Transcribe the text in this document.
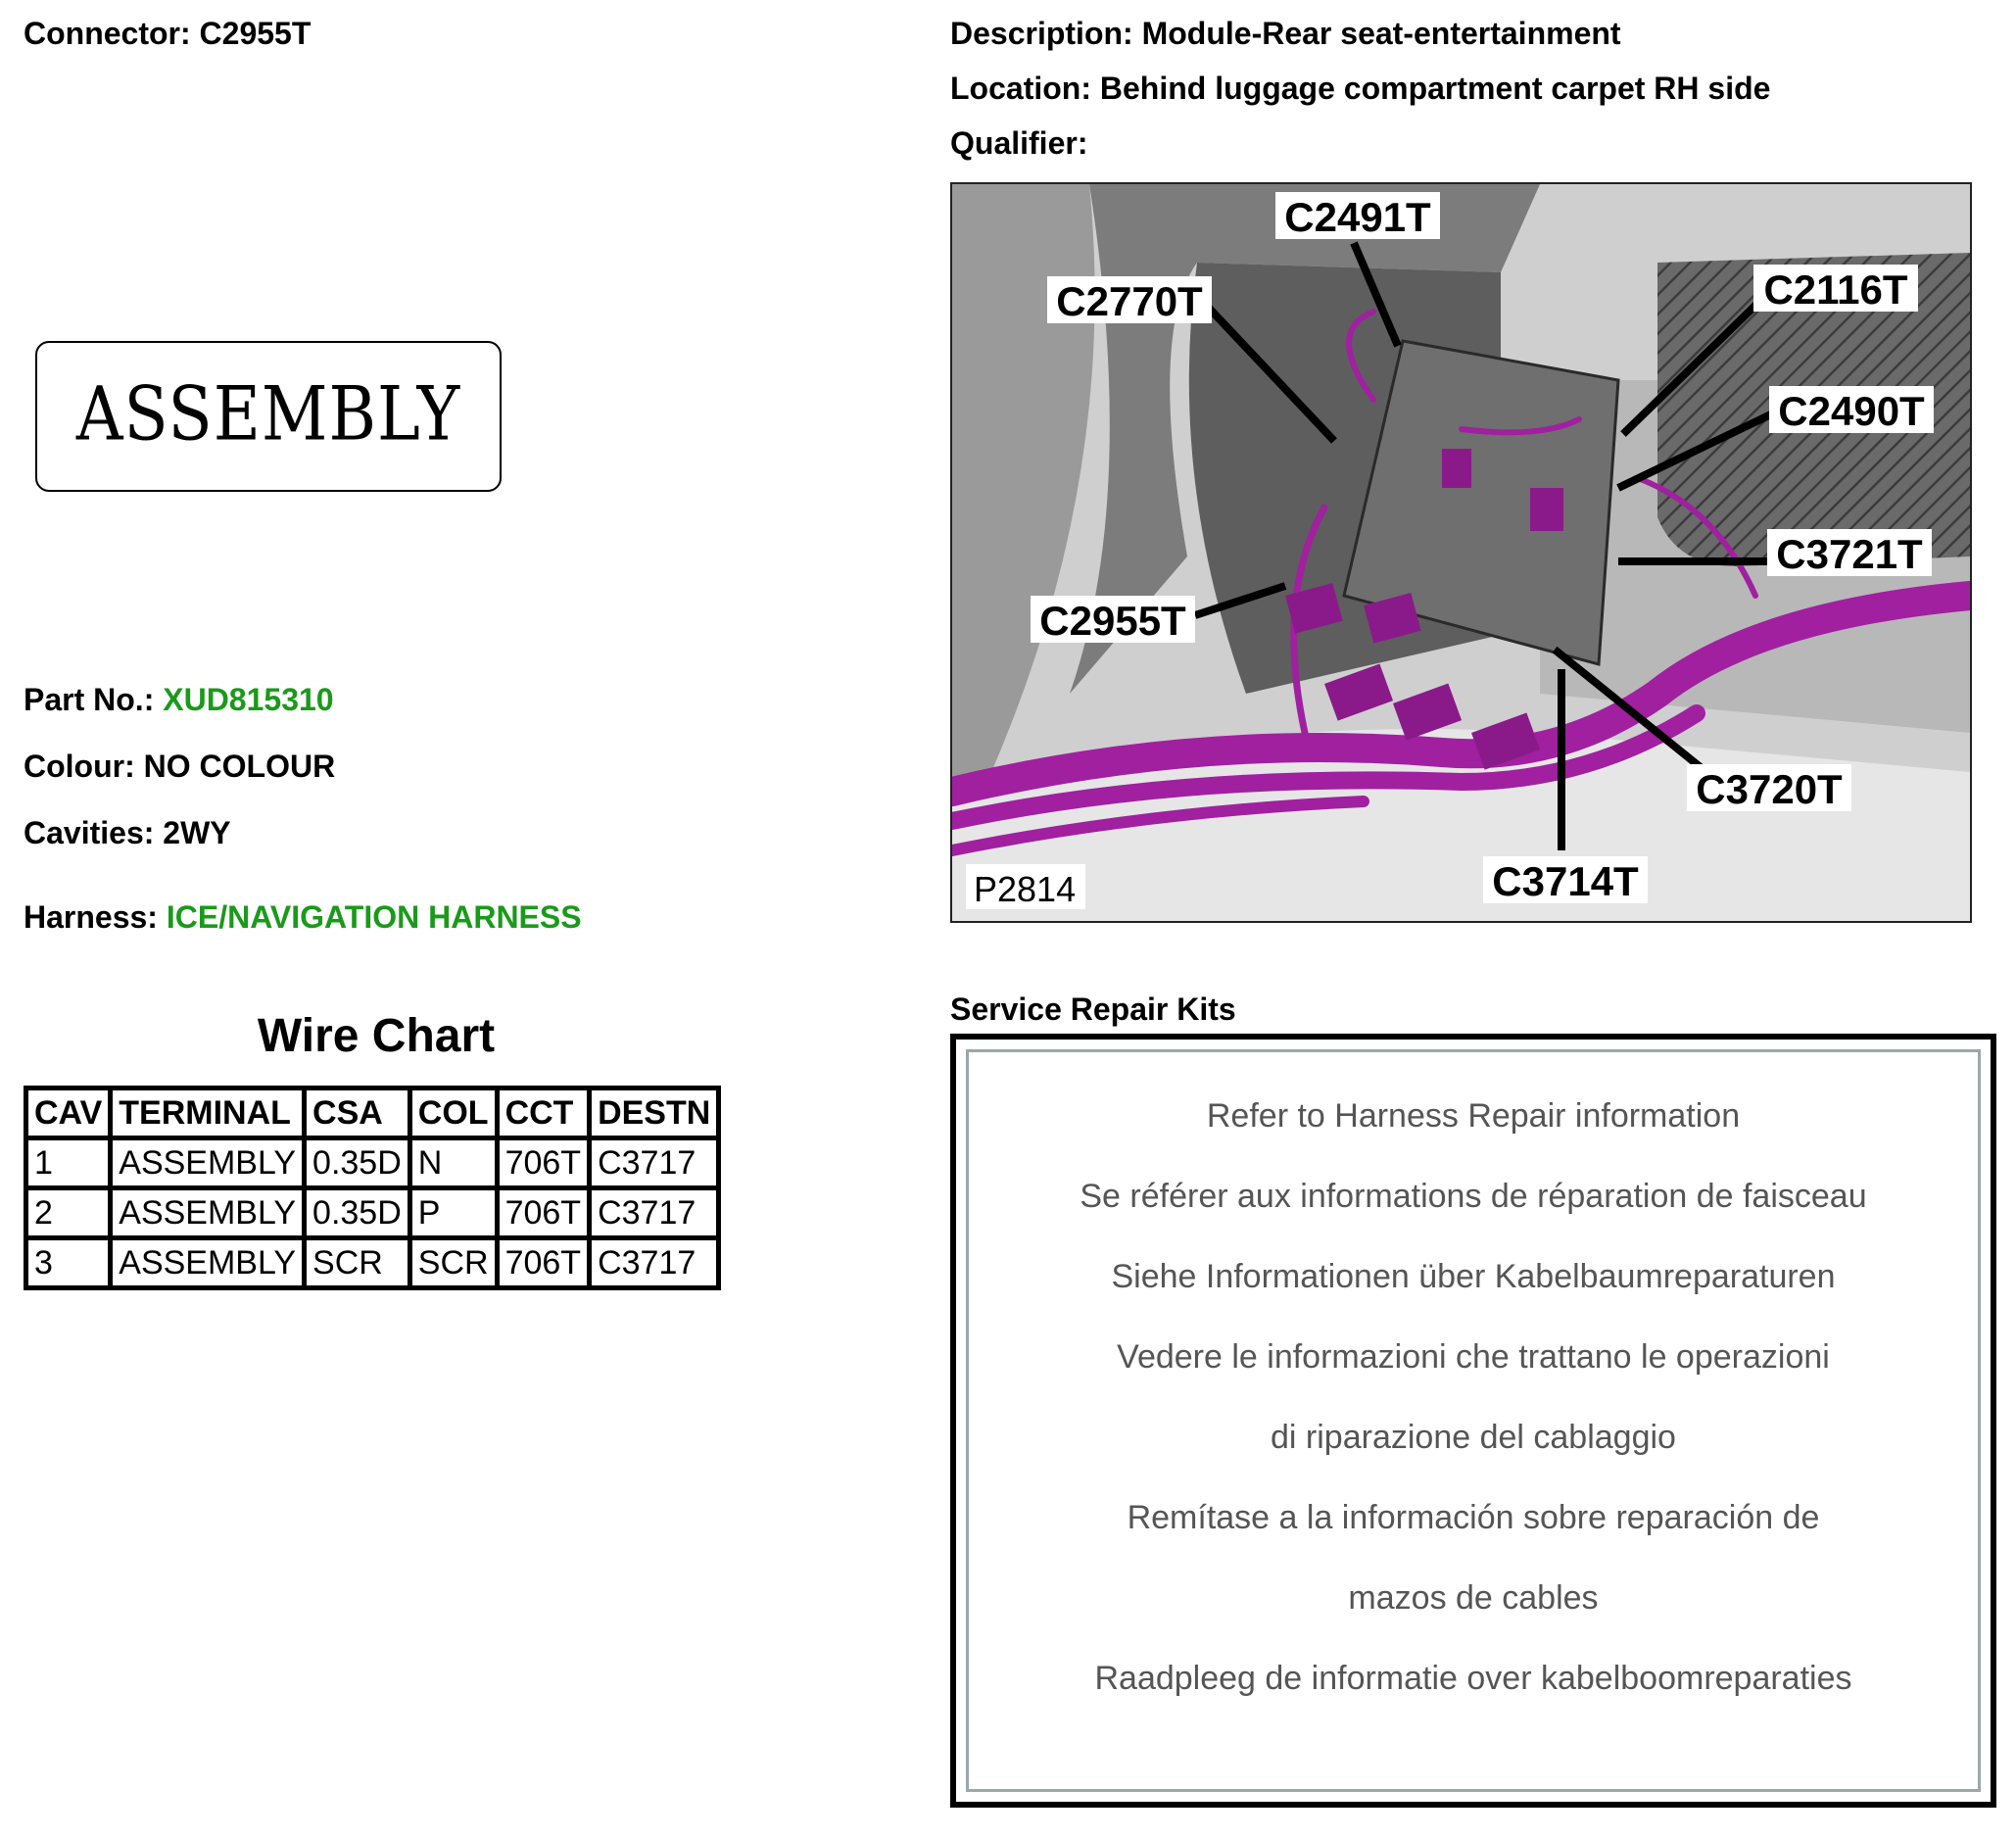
Connector: C2955T	Description: Module-Rear seat-entertainment
Location: Behind luggage compartment carpet RH side
Qualifier:
ASSEMBLY
Part No.: XUD815310
Colour: NO COLOUR
Cavities: 2WY
Harness: ICE/NAVIGATION HARNESS
Wire Chart
CAV	TERMINAL	CSA	COL	CCT	DESTN
1	ASSEMBLY	0.35D	N	706T	C3717
2	ASSEMBLY	0.35D	P	706T	C3717
3	ASSEMBLY	SCR	SCR	706T	C3717
C2491T
C2770T	C2116T
C2490T
C3721T
C2955T
C3720T
C3714T
P2814
Service Repair Kits
Refer to Harness Repair information
Se référer aux informations de réparation de faisceau
Siehe Informationen über Kabelbaumreparaturen
Vedere le informazioni che trattano le operazioni
di riparazione del cablaggio
Remítase a la información sobre reparación de
mazos de cables
Raadpleeg de informatie over kabelboomreparaties
